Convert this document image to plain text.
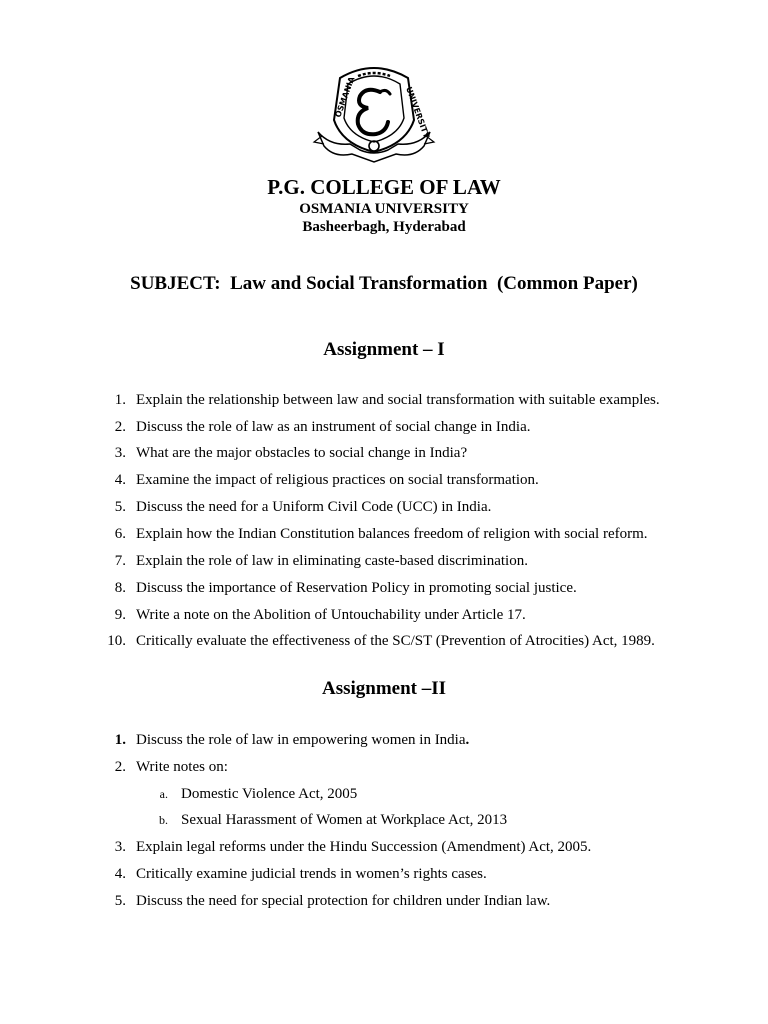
OSMANIA	UNIVERSITY
P.G. COLLEGE OF LAW
OSMANIA UNIVERSITY
Basheerbagh, Hyderabad
SUBJECT:  Law and Social Transformation  (Common Paper)
Assignment – I
1. Explain the relationship between law and social transformation with suitable examples.
2. Discuss the role of law as an instrument of social change in India.
3. What are the major obstacles to social change in India?
4. Examine the impact of religious practices on social transformation.
5. Discuss the need for a Uniform Civil Code (UCC) in India.
6. Explain how the Indian Constitution balances freedom of religion with social reform.
7. Explain the role of law in eliminating caste-based discrimination.
8. Discuss the importance of Reservation Policy in promoting social justice.
9. Write a note on the Abolition of Untouchability under Article 17.
10. Critically evaluate the effectiveness of the SC/ST (Prevention of Atrocities) Act, 1989.
Assignment –II
1. Discuss the role of law in empowering women in India.
2. Write notes on:
a. Domestic Violence Act, 2005
b. Sexual Harassment of Women at Workplace Act, 2013
3. Explain legal reforms under the Hindu Succession (Amendment) Act, 2005.
4. Critically examine judicial trends in women’s rights cases.
5. Discuss the need for special protection for children under Indian law.
